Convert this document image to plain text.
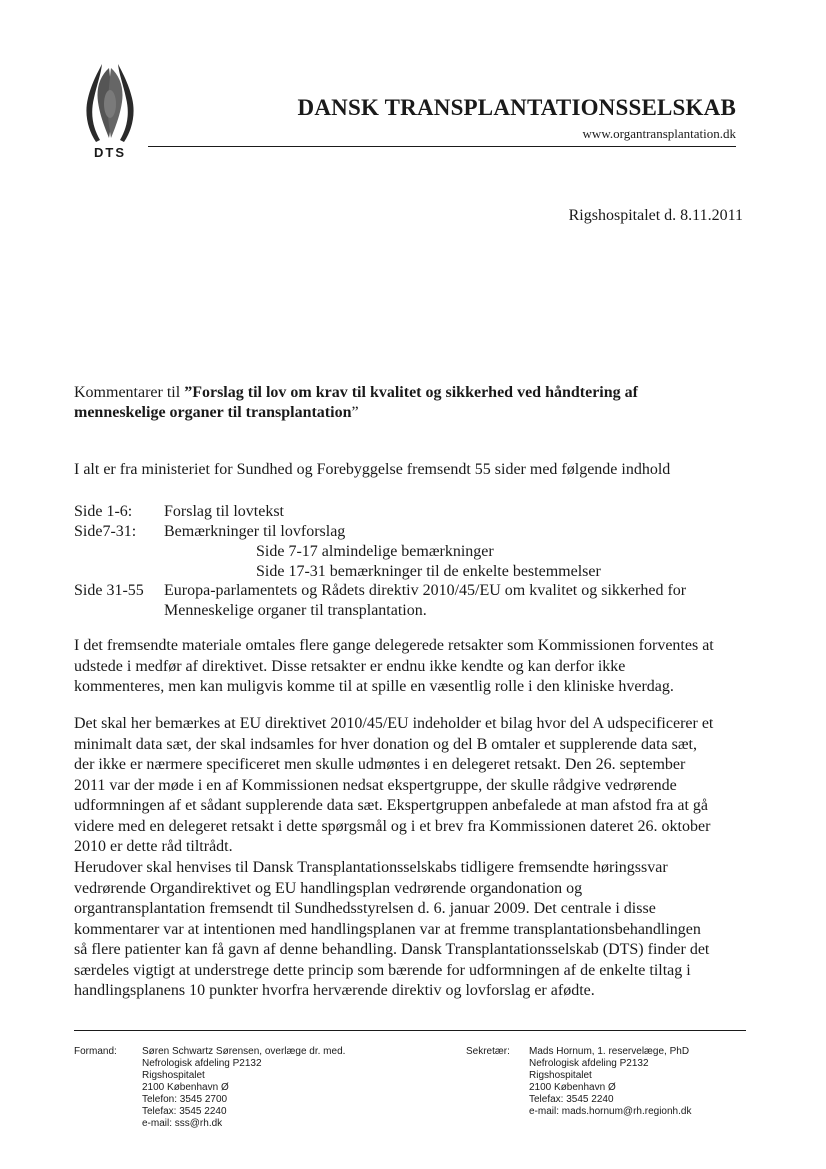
DTS
DANSK TRANSPLANTATIONSSELSKAB
www.organtransplantation.dk
Rigshospitalet d. 8.11.2011
Kommentarer til ”Forslag til lov om krav til kvalitet og sikkerhed ved håndtering af
menneskelige organer til transplantation”
I alt er fra ministeriet for Sundhed og Forebyggelse fremsendt 55 sider med følgende indhold
Side 1-6: Forslag til lovtekst
Side7-31: Bemærkninger til lovforslag
Side 7-17 almindelige bemærkninger
Side 17-31 bemærkninger til de enkelte bestemmelser
Side 31-55 Europa-parlamentets og Rådets direktiv 2010/45/EU om kvalitet og sikkerhed for
Menneskelige organer til transplantation.
I det fremsendte materiale omtales flere gange delegerede retsakter som Kommissionen forventes at
udstede i medfør af direktivet. Disse retsakter er endnu ikke kendte og kan derfor ikke
kommenteres, men kan muligvis komme til at spille en væsentlig rolle i den kliniske hverdag.
Det skal her bemærkes at EU direktivet 2010/45/EU indeholder et bilag hvor del A udspecificerer et
minimalt data sæt, der skal indsamles for hver donation og del B omtaler et supplerende data sæt,
der ikke er nærmere specificeret men skulle udmøntes i en delegeret retsakt. Den 26. september
2011 var der møde i en af Kommissionen nedsat ekspertgruppe, der skulle rådgive vedrørende
udformningen af et sådant supplerende data sæt. Ekspertgruppen anbefalede at man afstod fra at gå
videre med en delegeret retsakt i dette spørgsmål og i et brev fra Kommissionen dateret 26. oktober
2010 er dette råd tiltrådt.
Herudover skal henvises til Dansk Transplantationsselskabs tidligere fremsendte høringssvar
vedrørende Organdirektivet og EU handlingsplan vedrørende organdonation og
organtransplantation fremsendt til Sundhedsstyrelsen d. 6. januar 2009. Det centrale i disse
kommentarer var at intentionen med handlingsplanen var at fremme transplantationsbehandlingen
så flere patienter kan få gavn af denne behandling. Dansk Transplantationsselskab (DTS) finder det
særdeles vigtigt at understrege dette princip som bærende for udformningen af de enkelte tiltag i
handlingsplanens 10 punkter hvorfra herværende direktiv og lovforslag er afødte.
Formand:	Søren Schwartz Sørensen, overlæge dr. med.
Nefrologisk afdeling P2132
Rigshospitalet
2100 København Ø
Telefon: 3545 2700
Telefax: 3545 2240
e-mail: sss@rh.dk
Sekretær: Mads Hornum, 1. reservelæge, PhD
Nefrologisk afdeling P2132
Rigshospitalet
2100 København Ø
Telefax: 3545 2240
e-mail: mads.hornum@rh.regionh.dk
